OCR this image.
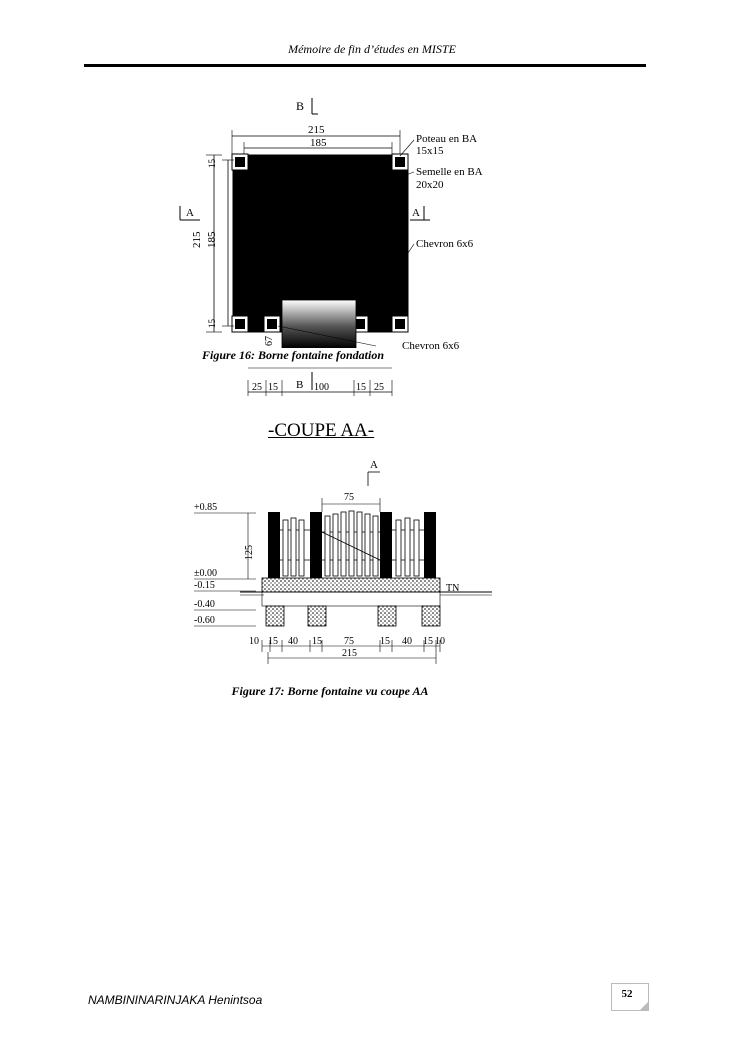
Mémoire de fin d’études en MISTE
B
215
185
23
23
60
35
20
40
190
77
8
67
15
15
215 185
15
15
A	A
Poteau en BA
15x15
Semelle en BA
20x20
Chevron 6x6
Chevron 6x6
25 15	100	15 25
B
A
75
+0.85
±0.00
-0.15
-0.40
-0.60
125
TN
10 15 40 15 75	15 40 15 10
215
Figure 16: Borne fontaine fondation
-COUPE AA-
Figure 17: Borne fontaine vu coupe AA
NAMBININARINJAKA Henintsoa	52
